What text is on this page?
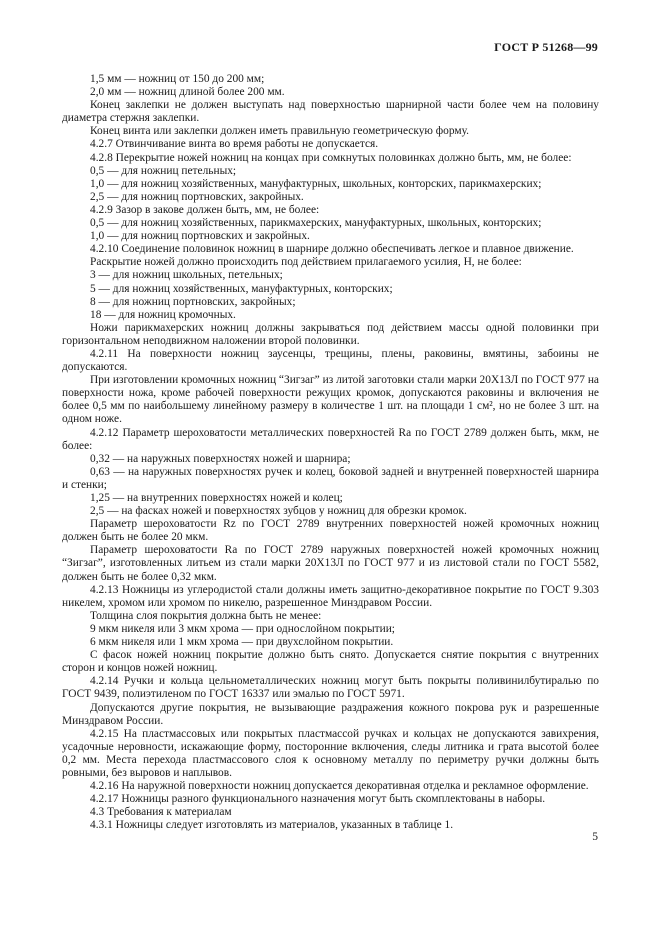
ГОСТ Р 51268—99

1,5 мм — ножниц от 150 до 200 мм;

2,0 мм — ножниц длиной более 200 мм.

Конец заклепки не должен выступать над поверхностью шарнирной части более чем на половину диаметра стержня заклепки.

Конец винта или заклепки должен иметь правильную геометрическую форму.

4.2.7 Отвинчивание винта во время работы не допускается.

4.2.8 Перекрытие ножей ножниц на концах при сомкнутых половинках должно быть, мм, не более:

0,5 — для ножниц петельных;

1,0 — для ножниц хозяйственных, мануфактурных, школьных, конторских, парикмахерских;

2,5 — для ножниц портновских, закройных.

4.2.9 Зазор в закове должен быть, мм, не более:

0,5 — для ножниц хозяйственных, парикмахерских, мануфактурных, школьных, конторских;

1,0 — для ножниц портновских и закройных.

4.2.10 Соединение половинок ножниц в шарнире должно обеспечивать легкое и плавное движение.

Раскрытие ножей должно происходить под действием прилагаемого усилия, Н, не более:

3 — для ножниц школьных, петельных;

5 — для ножниц хозяйственных, мануфактурных, конторских;

8 — для ножниц портновских, закройных;

18 — для ножниц кромочных.

Ножи парикмахерских ножниц должны закрываться под действием массы одной половинки при горизонтальном неподвижном наложении второй половинки.

4.2.11 На поверхности ножниц заусенцы, трещины, плены, раковины, вмятины, забоины не допускаются.

При изготовлении кромочных ножниц “Зигзаг” из литой заготовки стали марки 20Х13Л по ГОСТ 977 на поверхности ножа, кроме рабочей поверхности режущих кромок, допускаются раковины и включения не более 0,5 мм по наибольшему линейному размеру в количестве 1 шт. на площади 1 см², но не более 3 шт. на одном ноже.

4.2.12 Параметр шероховатости металлических поверхностей Ra по ГОСТ 2789 должен быть, мкм, не более:

0,32 — на наружных поверхностях ножей и шарнира;

0,63 — на наружных поверхностях ручек и колец, боковой задней и внутренней поверхностей шарнира и стенки;

1,25 — на внутренних поверхностях ножей и колец;

2,5 — на фасках ножей и поверхностях зубцов у ножниц для обрезки кромок.

Параметр шероховатости Rz по ГОСТ 2789 внутренних поверхностей ножей кромочных ножниц должен быть не более 20 мкм.

Параметр шероховатости Ra по ГОСТ 2789 наружных поверхностей ножей кромочных ножниц “Зигзаг”, изготовленных литьем из стали марки 20Х13Л по ГОСТ 977 и из листовой стали по ГОСТ 5582, должен быть не более 0,32 мкм.

4.2.13 Ножницы из углеродистой стали должны иметь защитно-декоративное покрытие по ГОСТ 9.303 никелем, хромом или хромом по никелю, разрешенное Минздравом России.

Толщина слоя покрытия должна быть не менее:

9 мкм никеля или 3 мкм хрома — при однослойном покрытии;

6 мкм никеля или 1 мкм хрома — при двухслойном покрытии.

С фасок ножей ножниц покрытие должно быть снято. Допускается снятие покрытия с внутренних сторон и концов ножей ножниц.

4.2.14 Ручки и кольца цельнометаллических ножниц могут быть покрыты поливинилбутиралью по ГОСТ 9439, полиэтиленом по ГОСТ 16337 или эмалью по ГОСТ 5971.

Допускаются другие покрытия, не вызывающие раздражения кожного покрова рук и разрешенные Минздравом России.

4.2.15 На пластмассовых или покрытых пластмассой ручках и кольцах не допускаются завихрения, усадочные неровности, искажающие форму, посторонние включения, следы литника и грата высотой более 0,2 мм. Места перехода пластмассового слоя к основному металлу по периметру ручки должны быть ровными, без выровов и наплывов.

4.2.16 На наружной поверхности ножниц допускается декоративная отделка и рекламное оформление.

4.2.17 Ножницы разного функционального назначения могут быть скомплектованы в наборы.

4.3 Требования к материалам

4.3.1 Ножницы следует изготовлять из материалов, указанных в таблице 1.

5
